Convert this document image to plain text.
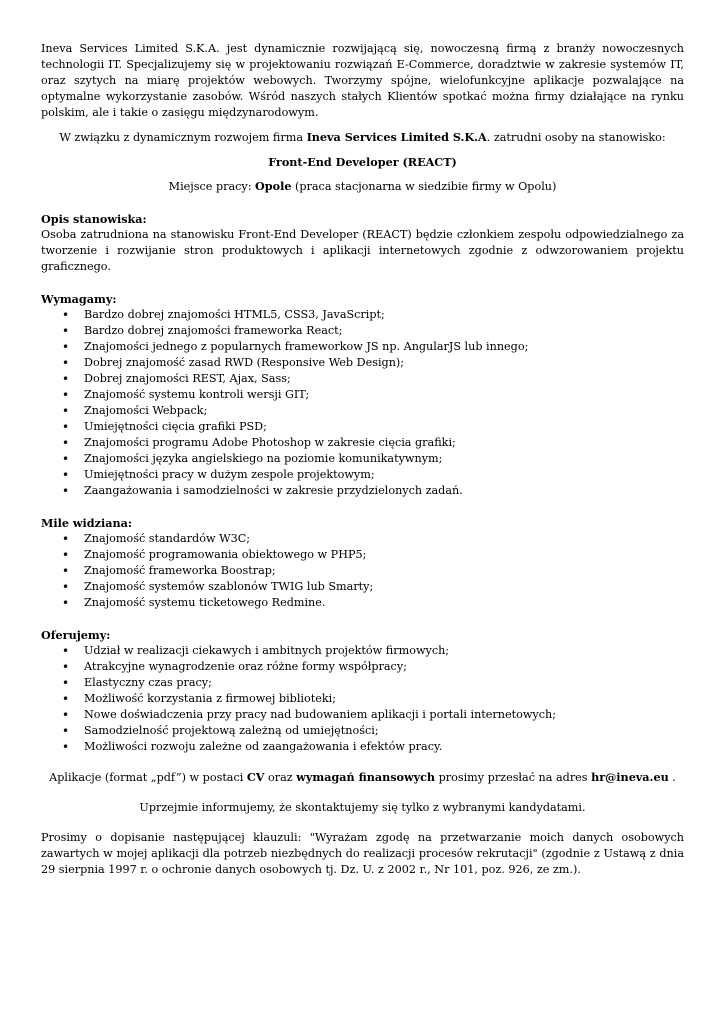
Ineva Services Limited S.K.A. jest dynamicznie rozwijającą się, nowoczesną firmą z branży nowoczesnych technologii IT. Specjalizujemy się w projektowaniu rozwiązań E-Commerce, doradztwie w zakresie systemów IT, oraz szytych na miarę projektów webowych. Tworzymy spójne, wielofunkcyjne aplikacje pozwalające na optymalne wykorzystanie zasobów. Wśród naszych stałych Klientów spotkać można firmy działające na rynku polskim, ale i takie o zasięgu międzynarodowym.

W związku z dynamicznym rozwojem firma Ineva Services Limited S.K.A. zatrudni osoby na stanowisko:

Front-End Developer (REACT)

Miejsce pracy: Opole (praca stacjonarna w siedzibie firmy w Opolu)

Opis stanowiska:

Osoba zatrudniona na stanowisku Front-End Developer (REACT) będzie członkiem zespołu odpowiedzialnego za tworzenie i rozwijanie stron produktowych i aplikacji internetowych zgodnie z odwzorowaniem projektu graficznego.

Wymagamy:

• Bardzo dobrej znajomości HTML5, CSS3, JavaScript;
• Bardzo dobrej znajomości frameworka React;
• Znajomości jednego z popularnych frameworkow JS np. AngularJS lub innego;
• Dobrej znajomość zasad RWD (Responsive Web Design);
• Dobrej znajomości REST, Ajax, Sass;
• Znajomość systemu kontroli wersji GIT;
• Znajomości Webpack;
• Umiejętności cięcia grafiki PSD;
• Znajomości programu Adobe Photoshop w zakresie cięcia grafiki;
• Znajomości języka angielskiego na poziomie komunikatywnym;
• Umiejętności pracy w dużym zespole projektowym;
• Zaangażowania i samodzielności w zakresie przydzielonych zadań.

Mile widziana:

• Znajomość standardów W3C;
• Znajomość programowania obiektowego w PHP5;
• Znajomość frameworka Boostrap;
• Znajomość systemów szablonów TWIG lub Smarty;
• Znajomość systemu ticketowego Redmine.

Oferujemy:

• Udział w realizacji ciekawych i ambitnych projektów firmowych;
• Atrakcyjne wynagrodzenie oraz różne formy współpracy;
• Elastyczny czas pracy;
• Możliwość korzystania z firmowej biblioteki;
• Nowe doświadczenia przy pracy nad budowaniem aplikacji i portali internetowych;
• Samodzielność projektową zależną od umiejętności;
• Możliwości rozwoju zależne od zaangażowania i efektów pracy.

Aplikacje (format „pdf”) w postaci CV oraz wymagań finansowych prosimy przesłać na adres hr@ineva.eu .

Uprzejmie informujemy, że skontaktujemy się tylko z wybranymi kandydatami.

Prosimy o dopisanie następującej klauzuli: "Wyrażam zgodę na przetwarzanie moich danych osobowych zawartych w mojej aplikacji dla potrzeb niezbędnych do realizacji procesów rekrutacji" (zgodnie z Ustawą z dnia 29 sierpnia 1997 r. o ochronie danych osobowych tj. Dz. U. z 2002 r., Nr 101, poz. 926, ze zm.).
